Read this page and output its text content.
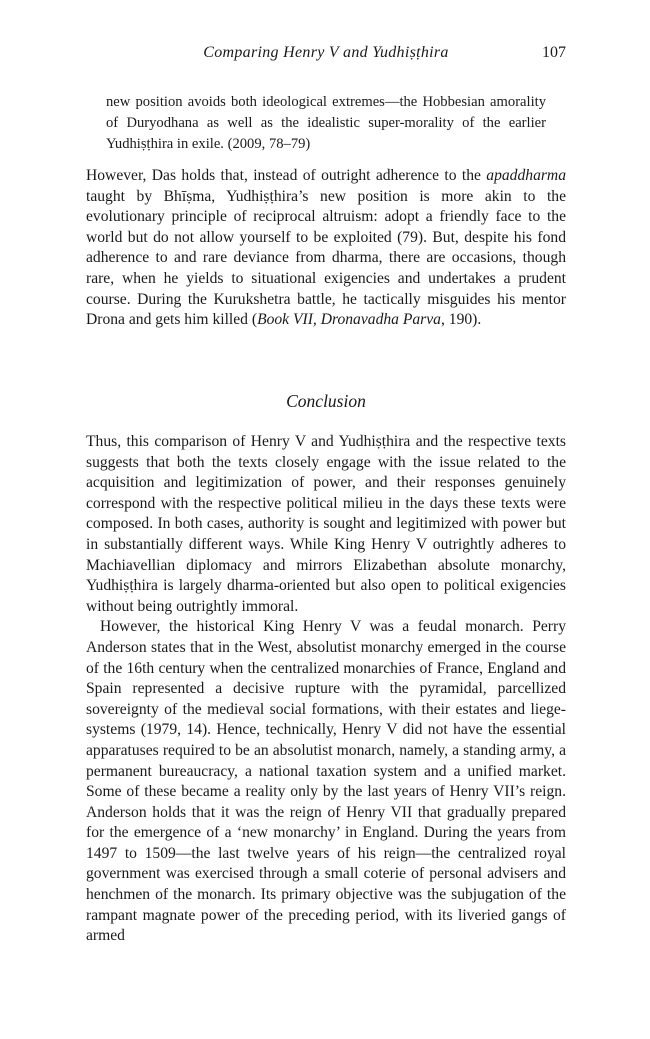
Comparing Henry V and Yudhiṣṭhira	107

new position avoids both ideological extremes—the Hobbesian amorality of Duryodhana as well as the idealistic super-morality of the earlier Yudhiṣṭhira in exile. (2009, 78–79)

However, Das holds that, instead of outright adherence to the apaddharma taught by Bhīṣma, Yudhiṣṭhira’s new position is more akin to the evolutionary principle of reciprocal altruism: adopt a friendly face to the world but do not allow yourself to be exploited (79). But, despite his fond adherence to and rare deviance from dharma, there are occasions, though rare, when he yields to situational exigencies and undertakes a prudent course. During the Kurukshetra battle, he tactically misguides his mentor Drona and gets him killed (Book VII, Dronavadha Parva, 190).

Conclusion

Thus, this comparison of Henry V and Yudhiṣṭhira and the respective texts suggests that both the texts closely engage with the issue related to the acquisition and legitimization of power, and their responses genuinely correspond with the respective political milieu in the days these texts were composed. In both cases, authority is sought and legitimized with power but in substantially different ways. While King Henry V outrightly adheres to Machiavellian diplomacy and mirrors Elizabethan absolute monarchy, Yudhiṣṭhira is largely dharma-oriented but also open to political exigencies without being outrightly immoral.

However, the historical King Henry V was a feudal monarch. Perry Anderson states that in the West, absolutist monarchy emerged in the course of the 16th century when the centralized monarchies of France, England and Spain represented a decisive rupture with the pyramidal, parcellized sovereignty of the medieval social formations, with their estates and liege-systems (1979, 14). Hence, technically, Henry V did not have the essential apparatuses required to be an absolutist monarch, namely, a standing army, a permanent bureaucracy, a national taxation system and a unified market. Some of these became a reality only by the last years of Henry VII’s reign. Anderson holds that it was the reign of Henry VII that gradually prepared for the emergence of a ‘new monarchy’ in England. During the years from 1497 to 1509—the last twelve years of his reign—the centralized royal government was exercised through a small coterie of personal advisers and henchmen of the monarch. Its primary objective was the subjugation of the rampant magnate power of the preceding period, with its liveried gangs of armed
